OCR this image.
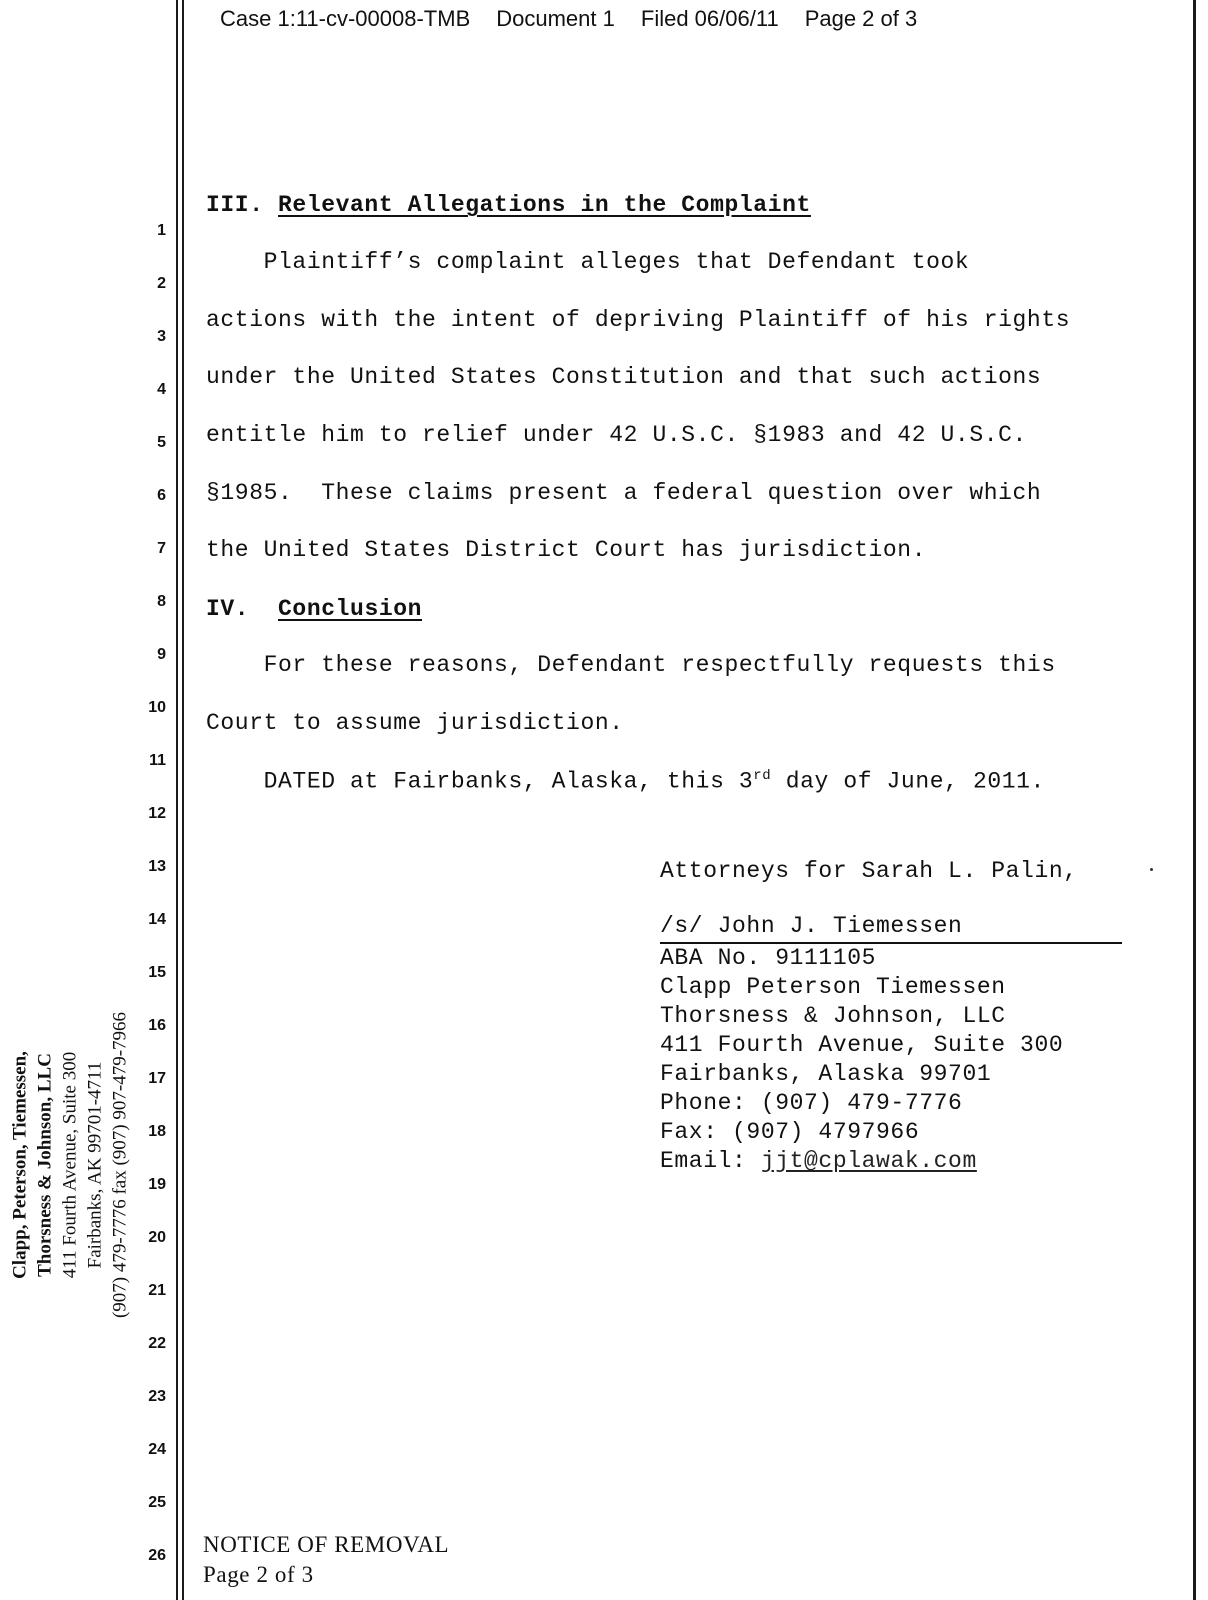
Case 1:11-cv-00008-TMB Document 1 Filed 06/06/11 Page 2 of 3
1
2
3
4
5
6
7
8
9
10
11
12
13
14
15
16
17
18
19
20
21
22
23
24
25
26
III. Relevant Allegations in the Complaint
Plaintiff’s complaint alleges that Defendant took
actions with the intent of depriving Plaintiff of his rights
under the United States Constitution and that such actions
entitle him to relief under 42 U.S.C. §1983 and 42 U.S.C.
§1985.  These claims present a federal question over which
the United States District Court has jurisdiction.
IV. Conclusion
For these reasons, Defendant respectfully requests this
Court to assume jurisdiction.
DATED at Fairbanks, Alaska, this 3rd day of June, 2011.
Attorneys for Sarah L. Palin,
/s/ John J. Tiemessen
ABA No. 9111105
Clapp Peterson Tiemessen
Thorsness & Johnson, LLC
411 Fourth Avenue, Suite 300
Fairbanks, Alaska 99701
Phone: (907) 479-7776
Fax: (907) 4797966
Email: jjt@cplawak.com
Clapp, Peterson, Tiemessen, Thorsness & Johnson, LLC 411 Fourth Avenue, Suite 300 Fairbanks, AK 99701-4711 (907) 479-7776 fax (907) 907-479-7966
NOTICE OF REMOVAL
Page 2 of 3
